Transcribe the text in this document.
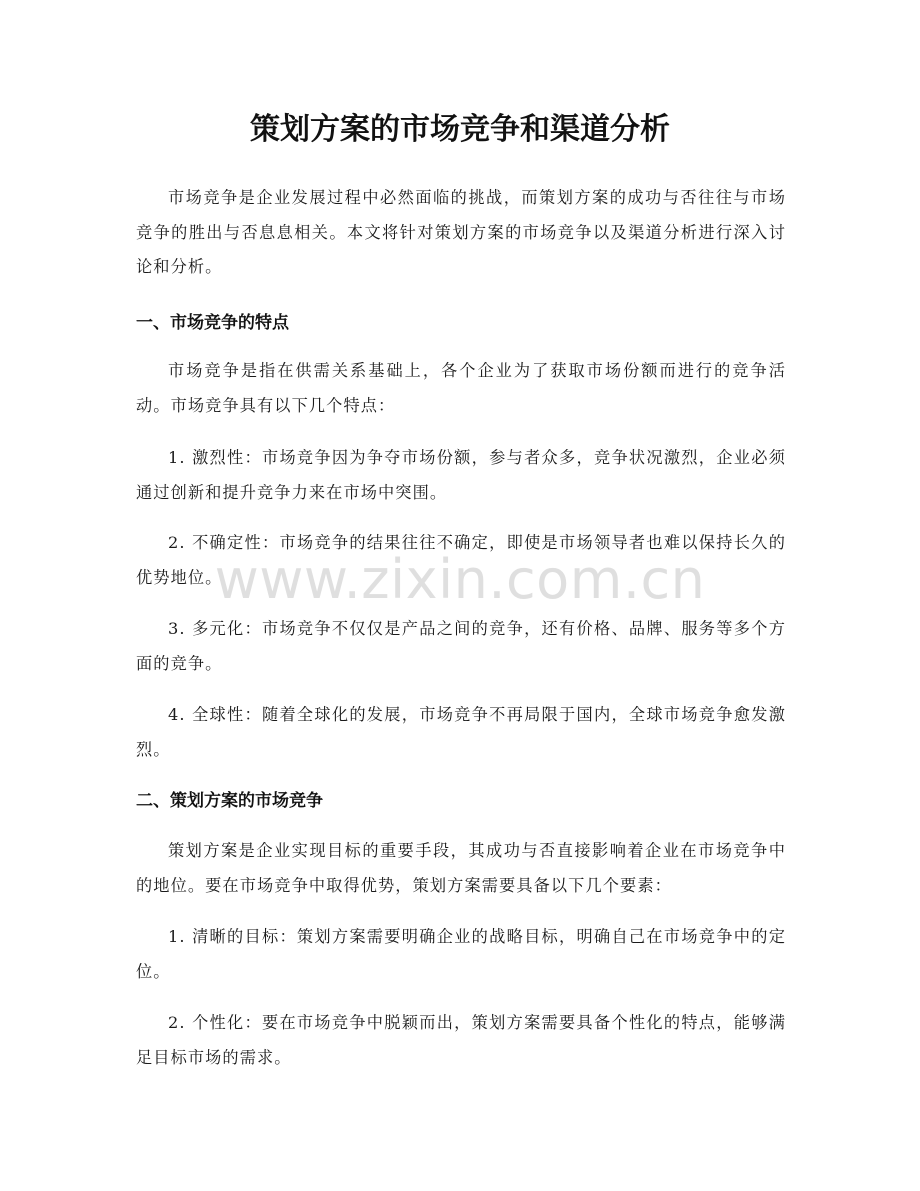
策划方案的市场竞争和渠道分析

市场竞争是企业发展过程中必然面临的挑战，而策划方案的成功与否往往与市场竞争的胜出与否息息相关。本文将针对策划方案的市场竞争以及渠道分析进行深入讨论和分析。

一、市场竞争的特点

市场竞争是指在供需关系基础上，各个企业为了获取市场份额而进行的竞争活动。市场竞争具有以下几个特点：

1. 激烈性：市场竞争因为争夺市场份额，参与者众多，竞争状况激烈，企业必须通过创新和提升竞争力来在市场中突围。

2. 不确定性：市场竞争的结果往往不确定，即使是市场领导者也难以保持长久的优势地位。

3. 多元化：市场竞争不仅仅是产品之间的竞争，还有价格、品牌、服务等多个方面的竞争。

4. 全球性：随着全球化的发展，市场竞争不再局限于国内，全球市场竞争愈发激烈。

二、策划方案的市场竞争

策划方案是企业实现目标的重要手段，其成功与否直接影响着企业在市场竞争中的地位。要在市场竞争中取得优势，策划方案需要具备以下几个要素：

1. 清晰的目标：策划方案需要明确企业的战略目标，明确自己在市场竞争中的定位。

2. 个性化：要在市场竞争中脱颖而出，策划方案需要具备个性化的特点，能够满足目标市场的需求。

www.zixin.com.cn
